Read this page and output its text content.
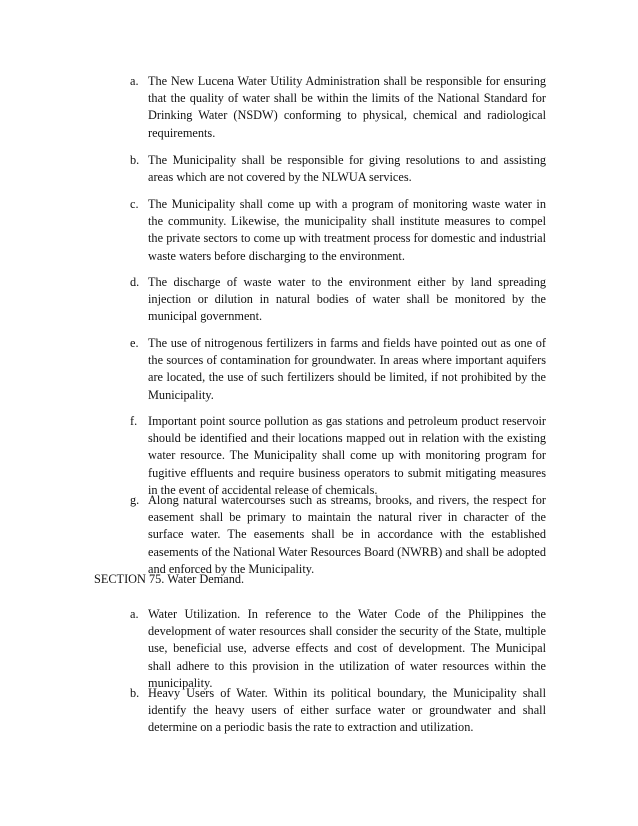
a. The New Lucena Water Utility Administration shall be responsible for ensuring that the quality of water shall be within the limits of the National Standard for Drinking Water (NSDW) conforming to physical, chemical and radiological requirements.

b. The Municipality shall be responsible for giving resolutions to and assisting areas which are not covered by the NLWUA services.

c. The Municipality shall come up with a program of monitoring waste water in the community. Likewise, the municipality shall institute measures to compel the private sectors to come up with treatment process for domestic and industrial waste waters before discharging to the environment.

d. The discharge of waste water to the environment either by land spreading injection or dilution in natural bodies of water shall be monitored by the municipal government.

e. The use of nitrogenous fertilizers in farms and fields have pointed out as one of the sources of contamination for groundwater. In areas where important aquifers are located, the use of such fertilizers should be limited, if not prohibited by the Municipality.

f. Important point source pollution as gas stations and petroleum product reservoir should be identified and their locations mapped out in relation with the existing water resource. The Municipality shall come up with monitoring program for fugitive effluents and require business operators to submit mitigating measures in the event of accidental release of chemicals.

g. Along natural watercourses such as streams, brooks, and rivers, the respect for easement shall be primary to maintain the natural river in character of the surface water. The easements shall be in accordance with the established easements of the National Water Resources Board (NWRB) and shall be adopted and enforced by the Municipality.

SECTION 75. Water Demand.

a. Water Utilization. In reference to the Water Code of the Philippines the development of water resources shall consider the security of the State, multiple use, beneficial use, adverse effects and cost of development. The Municipal shall adhere to this provision in the utilization of water resources within the municipality.

b. Heavy Users of Water. Within its political boundary, the Municipality shall identify the heavy users of either surface water or groundwater and shall determine on a periodic basis the rate to extraction and utilization.
